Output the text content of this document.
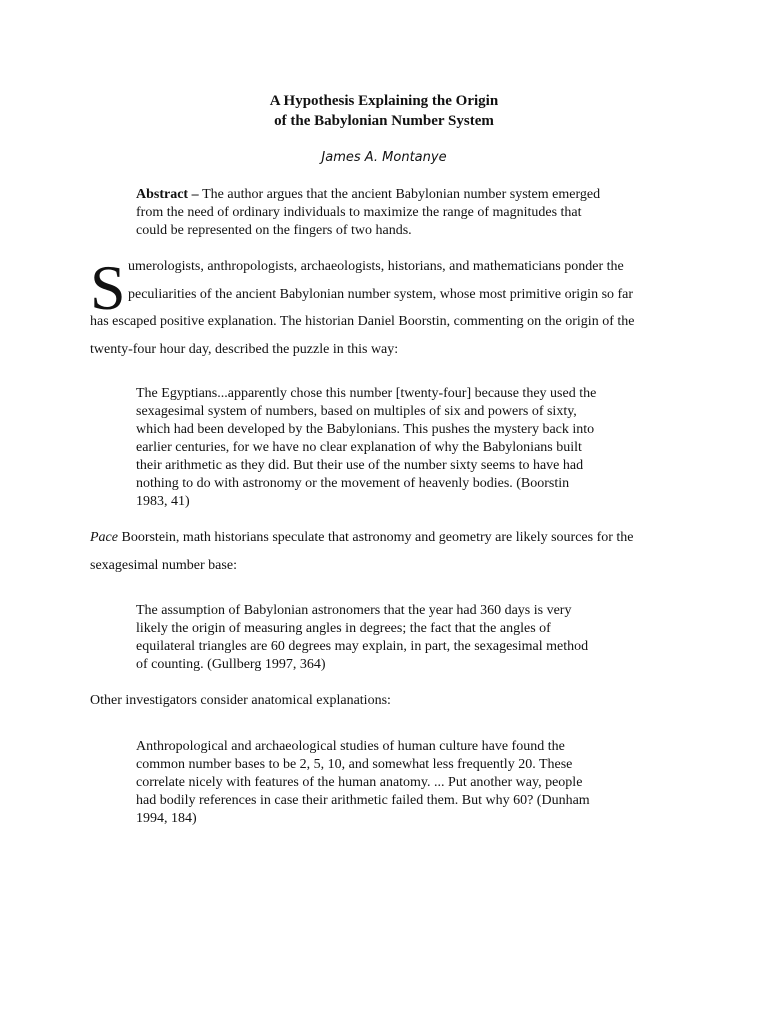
A Hypothesis Explaining the Origin
of the Babylonian Number System
James A. Montanye
Abstract – The author argues that the ancient Babylonian number system emerged from the need of ordinary individuals to maximize the range of magnitudes that could be represented on the fingers of two hands.
S umerologists, anthropologists, archaeologists, historians, and mathematicians ponder the
peculiarities of the ancient Babylonian number system, whose most primitive origin so far
has escaped positive explanation. The historian Daniel Boorstin, commenting on the origin of the
twenty-four hour day, described the puzzle in this way:
The Egyptians...apparently chose this number [twenty-four] because they used the
sexagesimal system of numbers, based on multiples of six and powers of sixty,
which had been developed by the Babylonians. This pushes the mystery back into
earlier centuries, for we have no clear explanation of why the Babylonians built
their arithmetic as they did. But their use of the number sixty seems to have had
nothing to do with astronomy or the movement of heavenly bodies. (Boorstin
1983, 41)
Pace Boorstein, math historians speculate that astronomy and geometry are likely sources for the
sexagesimal number base:
The assumption of Babylonian astronomers that the year had 360 days is very
likely the origin of measuring angles in degrees; the fact that the angles of
equilateral triangles are 60 degrees may explain, in part, the sexagesimal method
of counting. (Gullberg 1997, 364)
Other investigators consider anatomical explanations:
Anthropological and archaeological studies of human culture have found the
common number bases to be 2, 5, 10, and somewhat less frequently 20. These
correlate nicely with features of the human anatomy. ... Put another way, people
had bodily references in case their arithmetic failed them. But why 60? (Dunham
1994, 184)
